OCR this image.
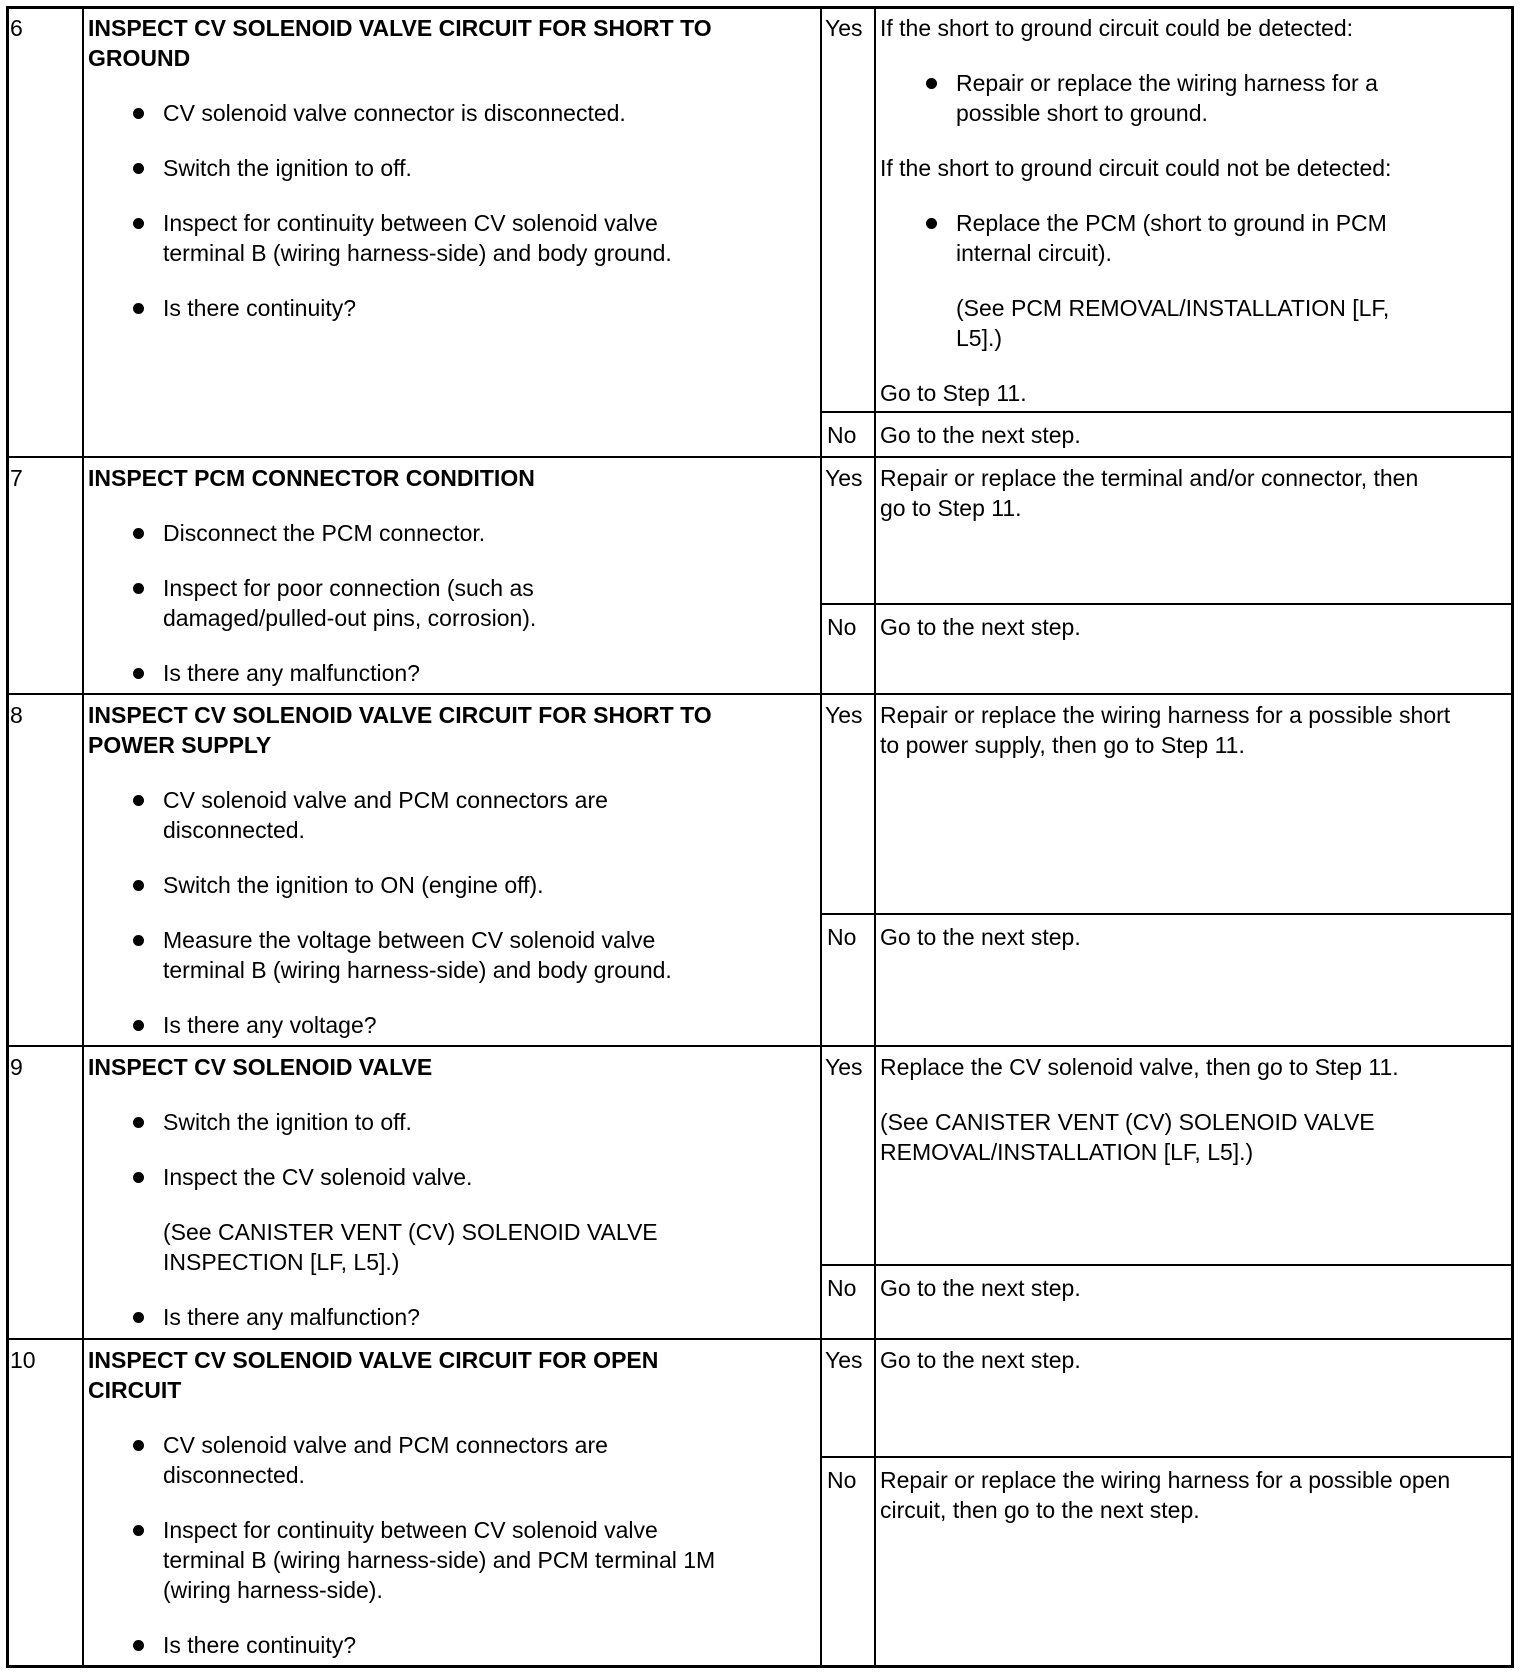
6	INSPECT CV SOLENOID VALVE CIRCUIT FOR SHORT TO
GROUND
CV solenoid valve connector is disconnected.
Switch the ignition to off.
Inspect for continuity between CV solenoid valve
terminal B (wiring harness-side) and body ground.
Is there continuity?
Yes If the short to ground circuit could be detected:
Repair or replace the wiring harness for a
possible short to ground.
If the short to ground circuit could not be detected:
Replace the PCM (short to ground in PCM
internal circuit).
(See PCM REMOVAL/INSTALLATION [LF,
L5].)
Go to Step 11.
No Go to the next step.
7	INSPECT PCM CONNECTOR CONDITION
Disconnect the PCM connector.
Inspect for poor connection (such as
damaged/pulled-out pins, corrosion).
Is there any malfunction?
Yes Repair or replace the terminal and/or connector, then
go to Step 11.
No Go to the next step.
8	INSPECT CV SOLENOID VALVE CIRCUIT FOR SHORT TO
POWER SUPPLY
CV solenoid valve and PCM connectors are
disconnected.
Switch the ignition to ON (engine off).
Measure the voltage between CV solenoid valve
terminal B (wiring harness-side) and body ground.
Is there any voltage?
Yes Repair or replace the wiring harness for a possible short
to power supply, then go to Step 11.
No Go to the next step.
9	INSPECT CV SOLENOID VALVE
Switch the ignition to off.
Inspect the CV solenoid valve.
(See CANISTER VENT (CV) SOLENOID VALVE
INSPECTION [LF, L5].)
Is there any malfunction?
Yes Replace the CV solenoid valve, then go to Step 11.
(See CANISTER VENT (CV) SOLENOID VALVE
REMOVAL/INSTALLATION [LF, L5].)
No Go to the next step.
10 INSPECT CV SOLENOID VALVE CIRCUIT FOR OPEN
CIRCUIT
CV solenoid valve and PCM connectors are
disconnected.
Inspect for continuity between CV solenoid valve
terminal B (wiring harness-side) and PCM terminal 1M
(wiring harness-side).
Is there continuity?
Yes Go to the next step.
No Repair or replace the wiring harness for a possible open
circuit, then go to the next step.
